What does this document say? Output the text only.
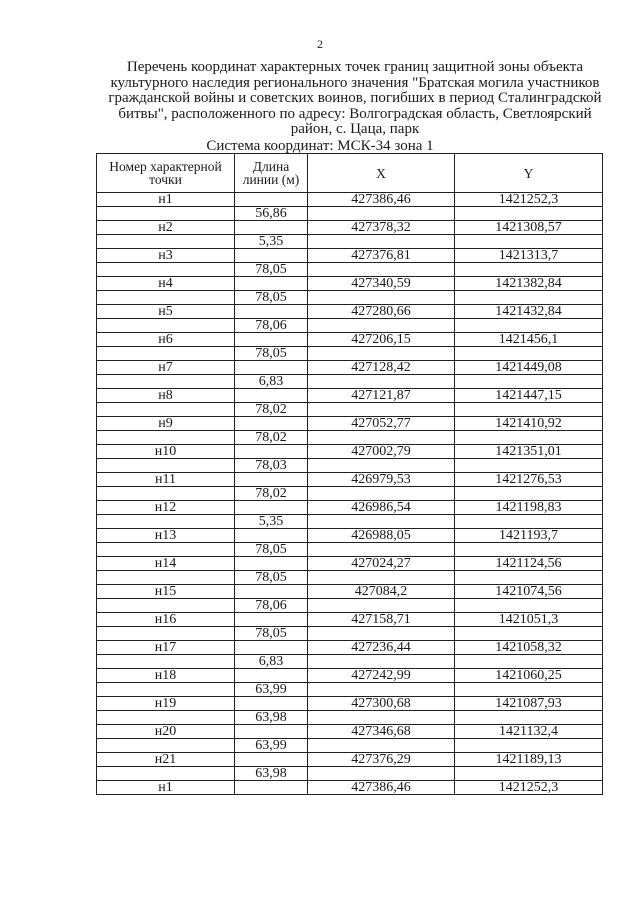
2
Перечень координат характерных точек границ защитной зоны объекта культурного наследия регионального значения "Братская могила участников гражданской войны и советских воинов, погибших в период Сталинградской битвы", расположенного по адресу: Волгоградская область, Светлоярский район, с. Цаца, парк
Система координат: МСК-34 зона 1
Номер характерной точки	Длина линии (м)	X	Y
н1		427386,46	1421252,3
	56,86		
н2		427378,32	1421308,57
	5,35		
н3		427376,81	1421313,7
	78,05		
н4		427340,59	1421382,84
	78,05		
н5		427280,66	1421432,84
	78,06		
н6		427206,15	1421456,1
	78,05		
н7		427128,42	1421449,08
	6,83		
н8		427121,87	1421447,15
	78,02		
н9		427052,77	1421410,92
	78,02		
н10		427002,79	1421351,01
	78,03		
н11		426979,53	1421276,53
	78,02		
н12		426986,54	1421198,83
	5,35		
н13		426988,05	1421193,7
	78,05		
н14		427024,27	1421124,56
	78,05		
н15		427084,2	1421074,56
	78,06		
н16		427158,71	1421051,3
	78,05		
н17		427236,44	1421058,32
	6,83		
н18		427242,99	1421060,25
	63,99		
н19		427300,68	1421087,93
	63,98		
н20		427346,68	1421132,4
	63,99		
н21		427376,29	1421189,13
	63,98		
н1		427386,46	1421252,3
